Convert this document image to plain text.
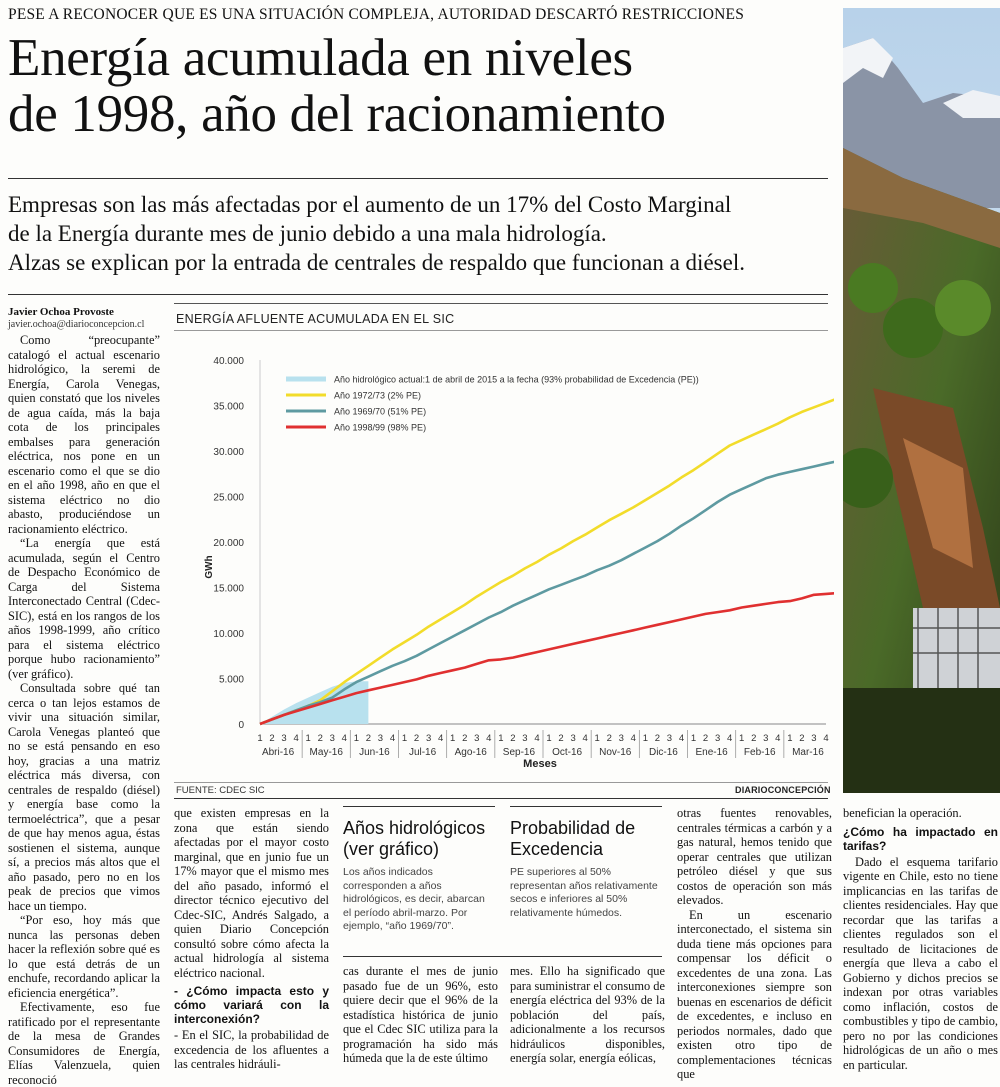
PESE A RECONOCER QUE ES UNA SITUACIÓN COMPLEJA, AUTORIDAD DESCARTÓ RESTRICCIONES
Energía acumulada en niveles
de 1998, año del racionamiento
Empresas son las más afectadas por el aumento de un 17% del Costo Marginal
de la Energía durante mes de junio debido a una mala hidrología.
Alzas se explican por la entrada de centrales de respaldo que funcionan a diésel.
Javier Ochoa Provoste
javier.ochoa@diarioconcepcion.cl

Como “preocupante” catalogó el actual escenario hidrológico, la seremi de Energía, Carola Venegas, quien constató que los niveles de agua caída, más la baja cota de los principales embalses para generación eléctrica, nos pone en un escenario como el que se dio en el año 1998, año en que el sistema eléctrico no dio abasto, produciéndose un racionamiento eléctrico.

“La energía que está acumulada, según el Centro de Despacho Económico de Carga del Sistema Interconectado Central (Cdec-SIC), está en los rangos de los años 1998-1999, año crítico para el sistema eléctrico porque hubo racionamiento” (ver gráfico).

Consultada sobre qué tan cerca o tan lejos estamos de vivir una situación similar, Carola Venegas planteó que no se está pensando en eso hoy, gracias a una matriz eléctrica más diversa, con centrales de respaldo (diésel) y energía base como la termoeléctrica”, que a pesar de que hay menos agua, éstas sostienen el sistema, aunque sí, a precios más altos que el año pasado, pero no en los peak de precios que vimos hace un tiempo.

“Por eso, hoy más que nunca las personas deben hacer la reflexión sobre qué es lo que está detrás de un enchufe, recordando aplicar la eficiencia energética”.

Efectivamente, eso fue ratificado por el representante de la mesa de Grandes Consumidores de Energía, Elías Valenzuela, quien reconoció

ENERGÍA AFLUENTE ACUMULADA EN EL SIC
0
5.000
10.000
15.000
20.000
25.000
30.000
35.000
40.000
1 2 3 4 1 2 3 4 1 2 3 4 1 2 3 4 1 2 3 4 1 2 3 4 1 2 3 4 1 2 3 4 1 2 3 4 1 2 3 4 1 2 3 4 1 2 3 4
Abri-16 May-16 Jun-16 Jul-16 Ago-16 Sep-16 Oct-16 Nov-16 Dic-16 Ene-16 Feb-16 Mar-16
Año hidrológico actual:1 de abril de 2015 a la fecha (93% probabilidad de Excedencia (PE))
Año 1972/73 (2% PE)
Año 1969/70 (51% PE)
Año 1998/99 (98% PE)
GWh
Meses
FUENTE: CDEC SIC	DIARIOCONCEPCIÓN

que existen empresas en la zona que están siendo afectadas por el mayor costo marginal, que en junio fue un 17% mayor que el mismo mes del año pasado, informó el director técnico ejecutivo del Cdec-SIC, Andrés Salgado, a quien Diario Concepción consultó sobre cómo afecta la actual hidrología al sistema eléctrico nacional.

- ¿Cómo impacta esto y cómo variará con la interconexión?

- En el SIC, la probabilidad de excedencia de los afluentes a las centrales hidráuli-

Años hidrológicos (ver gráfico)
Los años indicados corresponden a años hidrológicos, es decir, abarcan el período abril-marzo. Por ejemplo, “año 1969/70”.
Probabilidad de Excedencia
PE superiores al 50% representan años relativamente secos e inferiores al 50% relativamente húmedos.

cas durante el mes de junio pasado fue de un 96%, esto quiere decir que el 96% de la estadística histórica de junio que el Cdec SIC utiliza para la programación ha sido más húmeda que la de este último

mes. Ello ha significado que para suministrar el consumo de energía eléctrica del 93% de la población del país, adicionalmente a los recursos hidráulicos disponibles, energía solar, energía eólicas,

otras fuentes renovables, centrales térmicas a carbón y a gas natural, hemos tenido que operar centrales que utilizan petróleo diésel y que sus costos de operación son más elevados.

En un escenario interconectado, el sistema sin duda tiene más opciones para compensar los déficit o excedentes de una zona. Las interconexiones siempre son buenas en escenarios de déficit de excedentes, e incluso en periodos normales, dado que existen otro tipo de complementaciones técnicas que

benefician la operación.

¿Cómo ha impactado en tarifas?

Dado el esquema tarifario vigente en Chile, esto no tiene implicancias en las tarifas de clientes residenciales. Hay que recordar que las tarifas a clientes regulados son el resultado de licitaciones de energía que lleva a cabo el Gobierno y dichos precios se indexan por otras variables como inflación, costos de combustibles y tipo de cambio, pero no por las condiciones hidrológicas de un año o mes en particular.
